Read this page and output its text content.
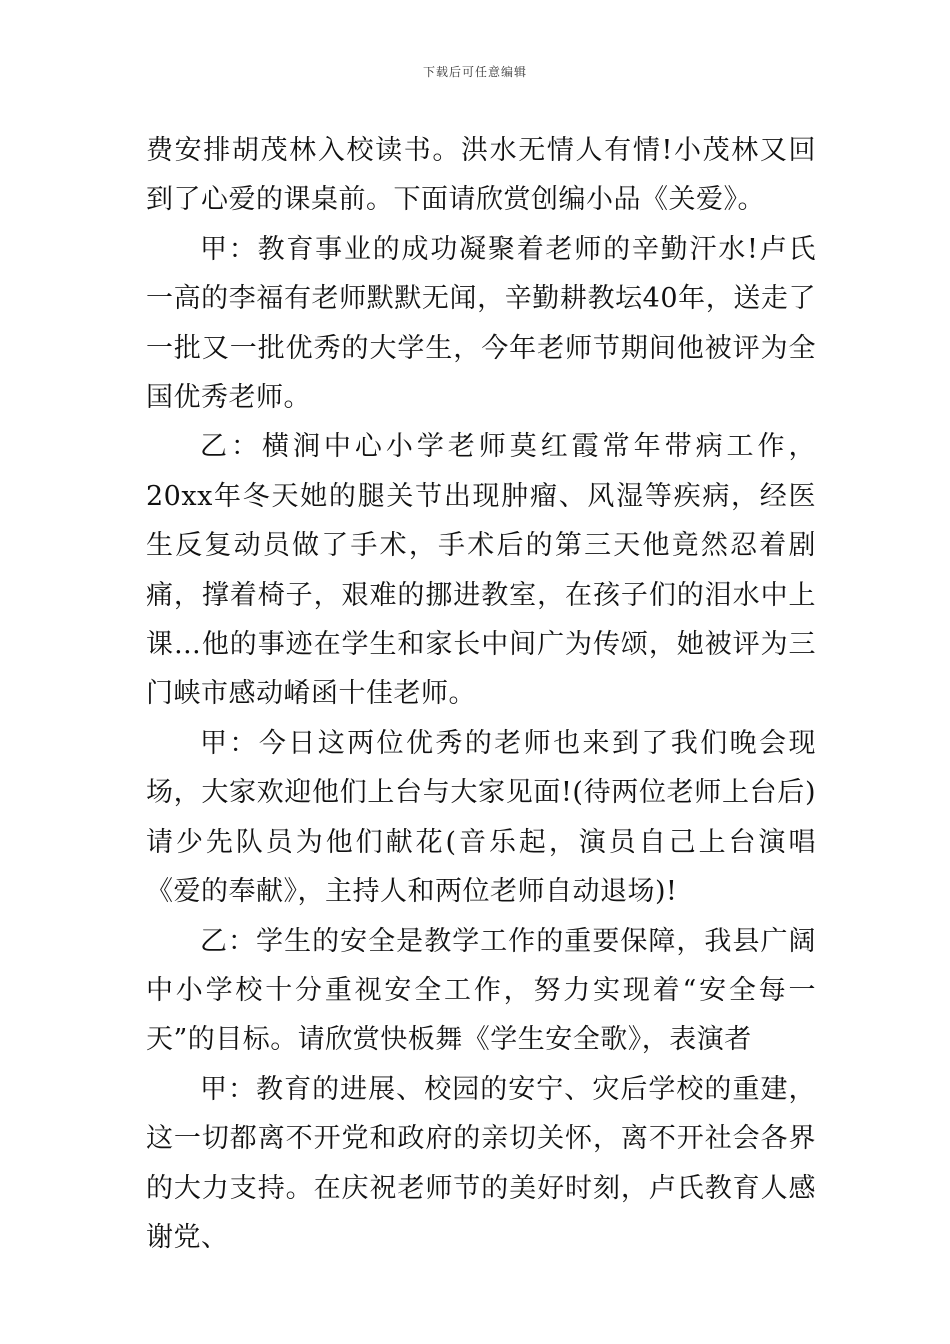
下载后可任意编辑

费安排胡茂林入校读书。洪水无情人有情!小茂林又回到了心爱的课桌前。下面请欣赏创编小品《关爱》。

甲：教育事业的成功凝聚着老师的辛勤汗水!卢氏一高的李福有老师默默无闻，辛勤耕教坛40年，送走了一批又一批优秀的大学生，今年老师节期间他被评为全国优秀老师。

乙：横涧中心小学老师莫红霞常年带病工作，20xx年冬天她的腿关节出现肿瘤、风湿等疾病，经医生反复动员做了手术，手术后的第三天他竟然忍着剧痛，撑着椅子，艰难的挪进教室，在孩子们的泪水中上课…他的事迹在学生和家长中间广为传颂，她被评为三门峡市感动崤函十佳老师。

甲：今日这两位优秀的老师也来到了我们晚会现场，大家欢迎他们上台与大家见面!(待两位老师上台后)请少先队员为他们献花(音乐起，演员自己上台演唱《爱的奉献》，主持人和两位老师自动退场)!

乙：学生的安全是教学工作的重要保障，我县广阔中小学校十分重视安全工作，努力实现着“安全每一天”的目标。请欣赏快板舞《学生安全歌》，表演者

甲：教育的进展、校园的安宁、灾后学校的重建，这一切都离不开党和政府的亲切关怀，离不开社会各界的大力支持。在庆祝老师节的美好时刻，卢氏教育人感谢党、
